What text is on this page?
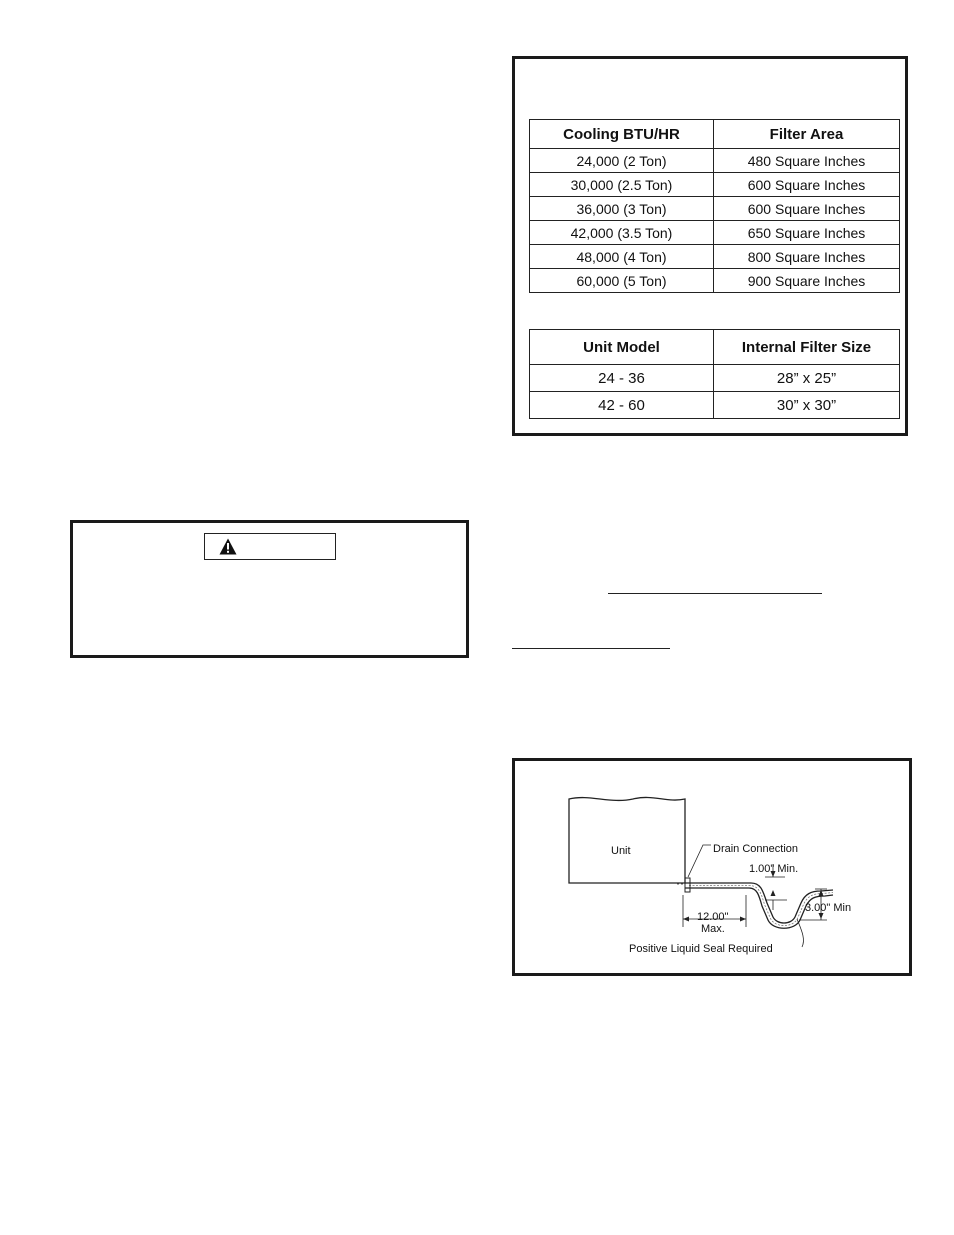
Cooling BTU/HR	Filter Area
24,000 (2 Ton)	480 Square Inches
30,000 (2.5 Ton)	600 Square Inches
36,000 (3 Ton)	600 Square Inches
42,000 (3.5 Ton)	650 Square Inches
48,000 (4 Ton)	800 Square Inches
60,000 (5 Ton)	900 Square Inches
Unit Model	Internal Filter Size
24 - 36	28” x 25”
42 - 60	30” x 30”
Unit	Drain Connection
1.00" Min.
3.00" Min
12.00"
Max.
Positive Liquid Seal Required
